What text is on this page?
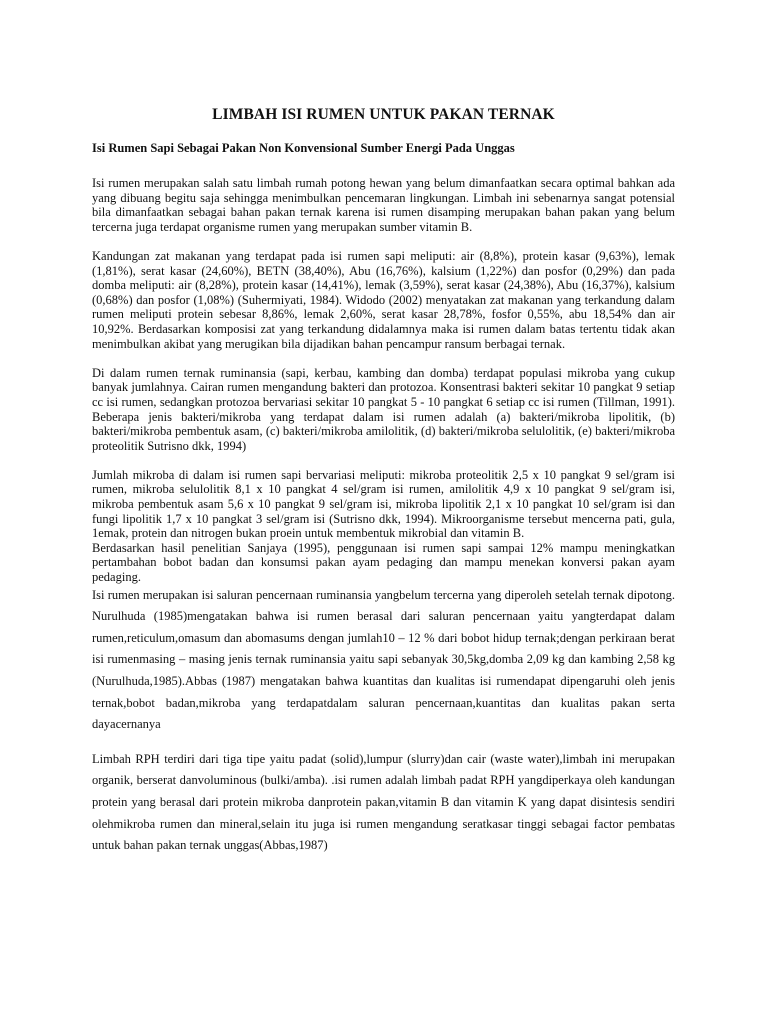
LIMBAH ISI RUMEN UNTUK PAKAN TERNAK
Isi Rumen Sapi Sebagai Pakan Non Konvensional Sumber Energi Pada Unggas

Isi rumen merupakan salah satu limbah rumah potong hewan yang belum dimanfaatkan secara optimal bahkan ada yang dibuang begitu saja sehingga menimbulkan pencemaran lingkungan. Limbah ini sebenarnya sangat potensial bila dimanfaatkan sebagai bahan pakan ternak karena isi rumen disamping merupakan bahan pakan yang belum tercerna juga terdapat organisme rumen yang merupakan sumber vitamin B.

Kandungan zat makanan yang terdapat pada isi rumen sapi meliputi: air (8,8%), protein kasar (9,63%), lemak (1,81%), serat kasar (24,60%), BETN (38,40%), Abu (16,76%), kalsium (1,22%) dan posfor (0,29%) dan pada domba meliputi: air (8,28%), protein kasar (14,41%), lemak (3,59%), serat kasar (24,38%), Abu (16,37%), kalsium (0,68%) dan posfor (1,08%) (Suhermiyati, 1984). Widodo (2002) menyatakan zat makanan yang terkandung dalam rumen meliputi protein sebesar 8,86%, lemak 2,60%, serat kasar 28,78%, fosfor 0,55%, abu 18,54% dan air 10,92%. Berdasarkan komposisi zat yang terkandung didalamnya maka isi rumen dalam batas tertentu tidak akan menimbulkan akibat yang merugikan bila dijadikan bahan pencampur ransum berbagai ternak.

Di dalam rumen ternak ruminansia (sapi, kerbau, kambing dan domba) terdapat populasi mikroba yang cukup banyak jumlahnya. Cairan rumen mengandung bakteri dan protozoa. Konsentrasi bakteri sekitar 10 pangkat 9 setiap cc isi rumen, sedangkan protozoa bervariasi sekitar 10 pangkat 5 - 10 pangkat 6 setiap cc isi rumen (Tillman, 1991). Beberapa jenis bakteri/mikroba yang terdapat dalam isi rumen adalah (a) bakteri/mikroba lipolitik, (b) bakteri/mikroba pembentuk asam, (c) bakteri/mikroba amilolitik, (d) bakteri/mikroba selulolitik, (e) bakteri/mikroba proteolitik Sutrisno dkk, 1994)

Jumlah mikroba di dalam isi rumen sapi bervariasi meliputi: mikroba proteolitik 2,5 x 10 pangkat 9 sel/gram isi rumen, mikroba selulolitik 8,1 x 10 pangkat 4 sel/gram isi rumen, amilolitik 4,9 x 10 pangkat 9 sel/gram isi, mikroba pembentuk asam 5,6 x 10 pangkat 9 sel/gram isi, mikroba lipolitik 2,1 x 10 pangkat 10 sel/gram isi dan fungi lipolitik 1,7 x 10 pangkat 3 sel/gram isi (Sutrisno dkk, 1994). Mikroorganisme tersebut mencerna pati, gula, 1emak, protein dan nitrogen bukan proein untuk membentuk mikrobial dan vitamin B.

Berdasarkan hasil penelitian Sanjaya (1995), penggunaan isi rumen sapi sampai 12% mampu meningkatkan pertambahan bobot badan dan konsumsi pakan ayam pedaging dan mampu menekan konversi pakan ayam pedaging.

Isi rumen merupakan isi saluran pencernaan ruminansia yangbelum tercerna yang diperoleh setelah ternak dipotong. Nurulhuda (1985)mengatakan bahwa isi rumen berasal dari saluran pencernaan yaitu yangterdapat dalam rumen,reticulum,omasum dan abomasums dengan jumlah10 – 12 % dari bobot hidup ternak;dengan perkiraan berat isi rumenmasing – masing jenis ternak ruminansia yaitu sapi sebanyak 30,5kg,domba 2,09 kg dan kambing 2,58 kg (Nurulhuda,1985).Abbas (1987) mengatakan bahwa kuantitas dan kualitas isi rumendapat dipengaruhi oleh jenis ternak,bobot badan,mikroba yang terdapatdalam saluran pencernaan,kuantitas dan kualitas pakan serta dayacernanya

Limbah RPH terdiri dari tiga tipe yaitu padat (solid),lumpur (slurry)dan cair (waste water),limbah ini merupakan organik, berserat danvoluminous (bulki/amba). .isi rumen adalah limbah padat RPH yangdiperkaya oleh kandungan protein yang berasal dari protein mikroba danprotein pakan,vitamin B dan vitamin K yang dapat disintesis sendiri olehmikroba rumen dan mineral,selain itu juga isi rumen mengandung seratkasar tinggi sebagai factor pembatas untuk bahan pakan ternak unggas(Abbas,1987)
